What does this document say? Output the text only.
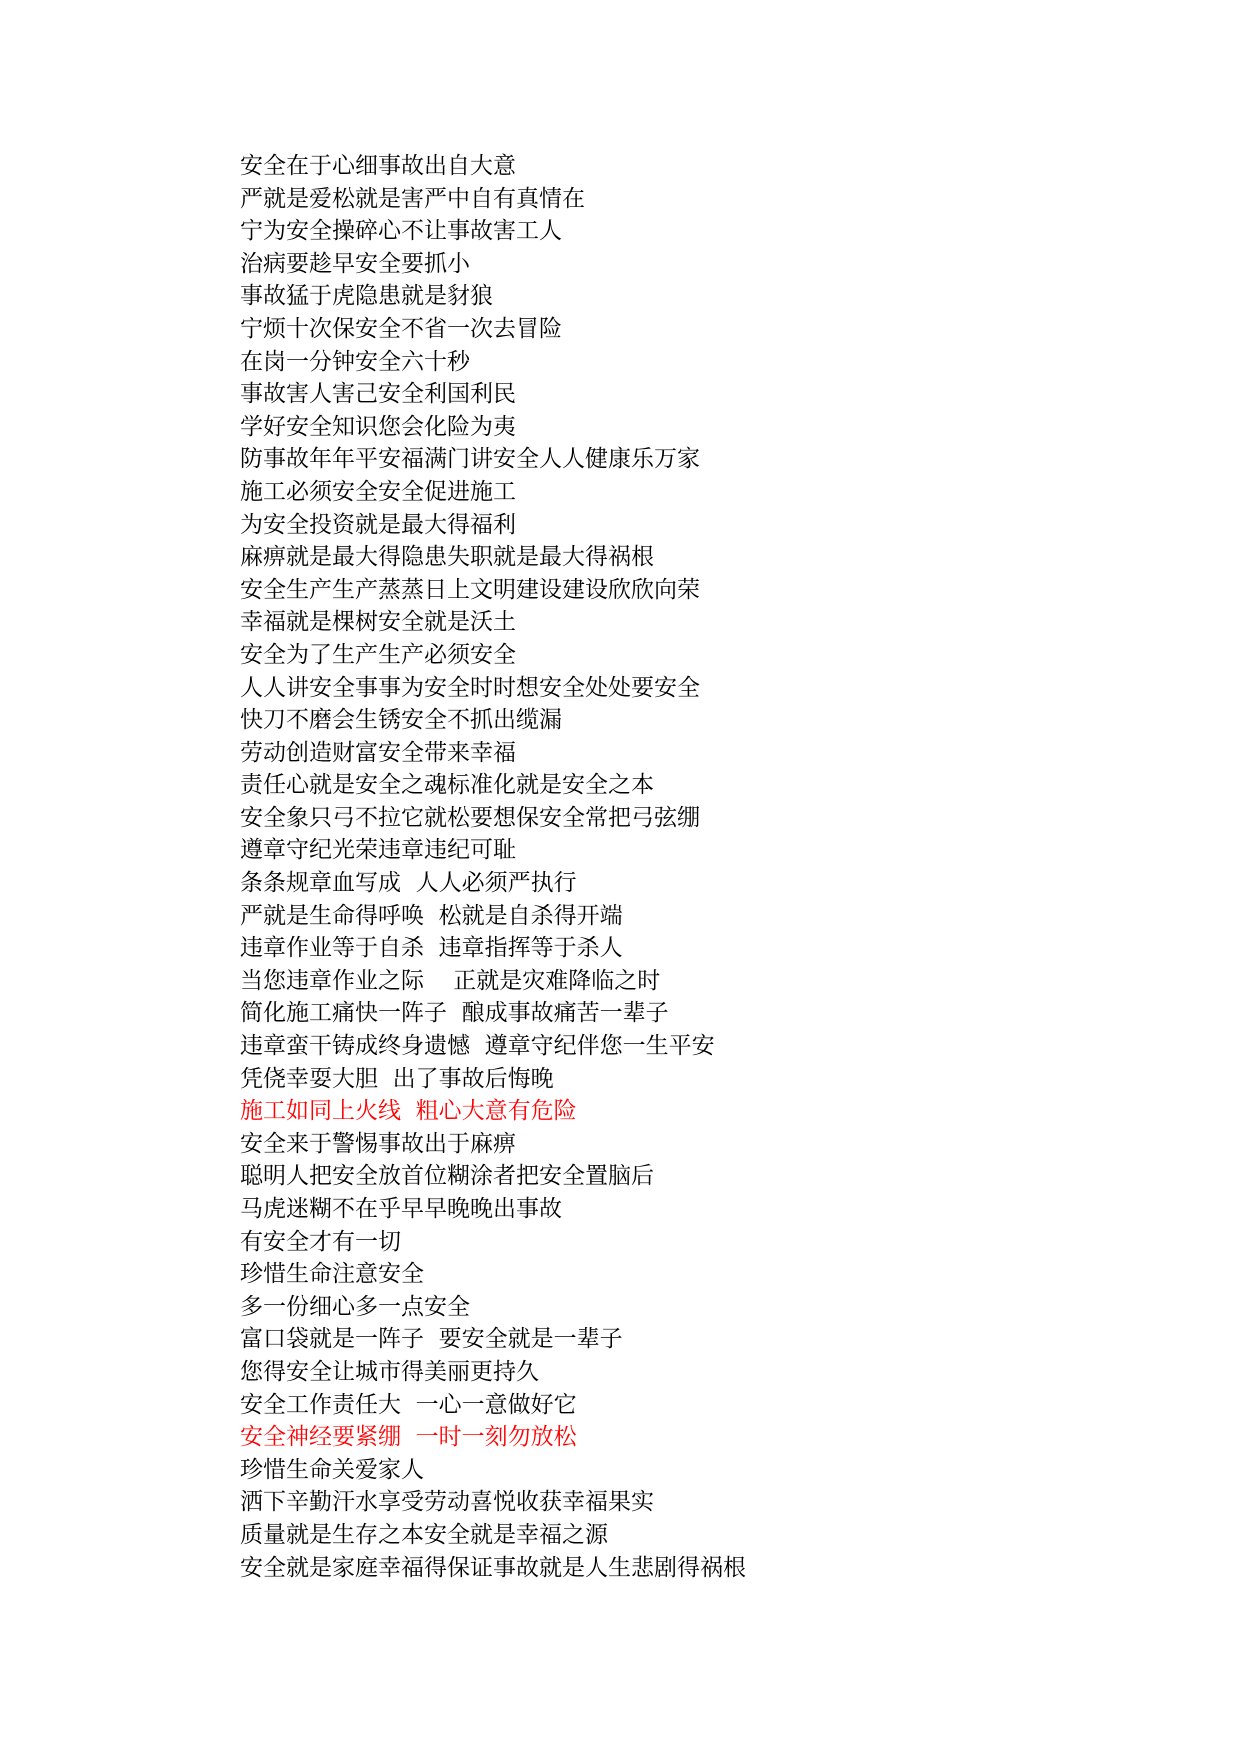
安全在于心细事故出自大意
严就是爱松就是害严中自有真情在
宁为安全操碎心不让事故害工人
治病要趁早安全要抓小
事故猛于虎隐患就是豺狼
宁烦十次保安全不省一次去冒险
在岗一分钟安全六十秒
事故害人害己安全利国利民
学好安全知识您会化险为夷
防事故年年平安福满门讲安全人人健康乐万家
施工必须安全安全促进施工
为安全投资就是最大得福利
麻痹就是最大得隐患失职就是最大得祸根
安全生产生产蒸蒸日上文明建设建设欣欣向荣
幸福就是棵树安全就是沃土
安全为了生产生产必须安全
人人讲安全事事为安全时时想安全处处要安全
快刀不磨会生锈安全不抓出缆漏
劳动创造财富安全带来幸福
责任心就是安全之魂标准化就是安全之本
安全象只弓不拉它就松要想保安全常把弓弦绷
遵章守纪光荣违章违纪可耻
条条规章血写成  人人必须严执行
严就是生命得呼唤  松就是自杀得开端
违章作业等于自杀  违章指挥等于杀人
当您违章作业之际    正就是灾难降临之时
简化施工痛快一阵子  酿成事故痛苦一辈子
违章蛮干铸成终身遗憾  遵章守纪伴您一生平安
凭侥幸耍大胆  出了事故后悔晚
施工如同上火线  粗心大意有危险
安全来于警惕事故出于麻痹
聪明人把安全放首位糊涂者把安全置脑后
马虎迷糊不在乎早早晚晚出事故
有安全才有一切
珍惜生命注意安全
多一份细心多一点安全
富口袋就是一阵子  要安全就是一辈子
您得安全让城市得美丽更持久
安全工作责任大  一心一意做好它
安全神经要紧绷  一时一刻勿放松
珍惜生命关爱家人
洒下辛勤汗水享受劳动喜悦收获幸福果实
质量就是生存之本安全就是幸福之源
安全就是家庭幸福得保证事故就是人生悲剧得祸根
